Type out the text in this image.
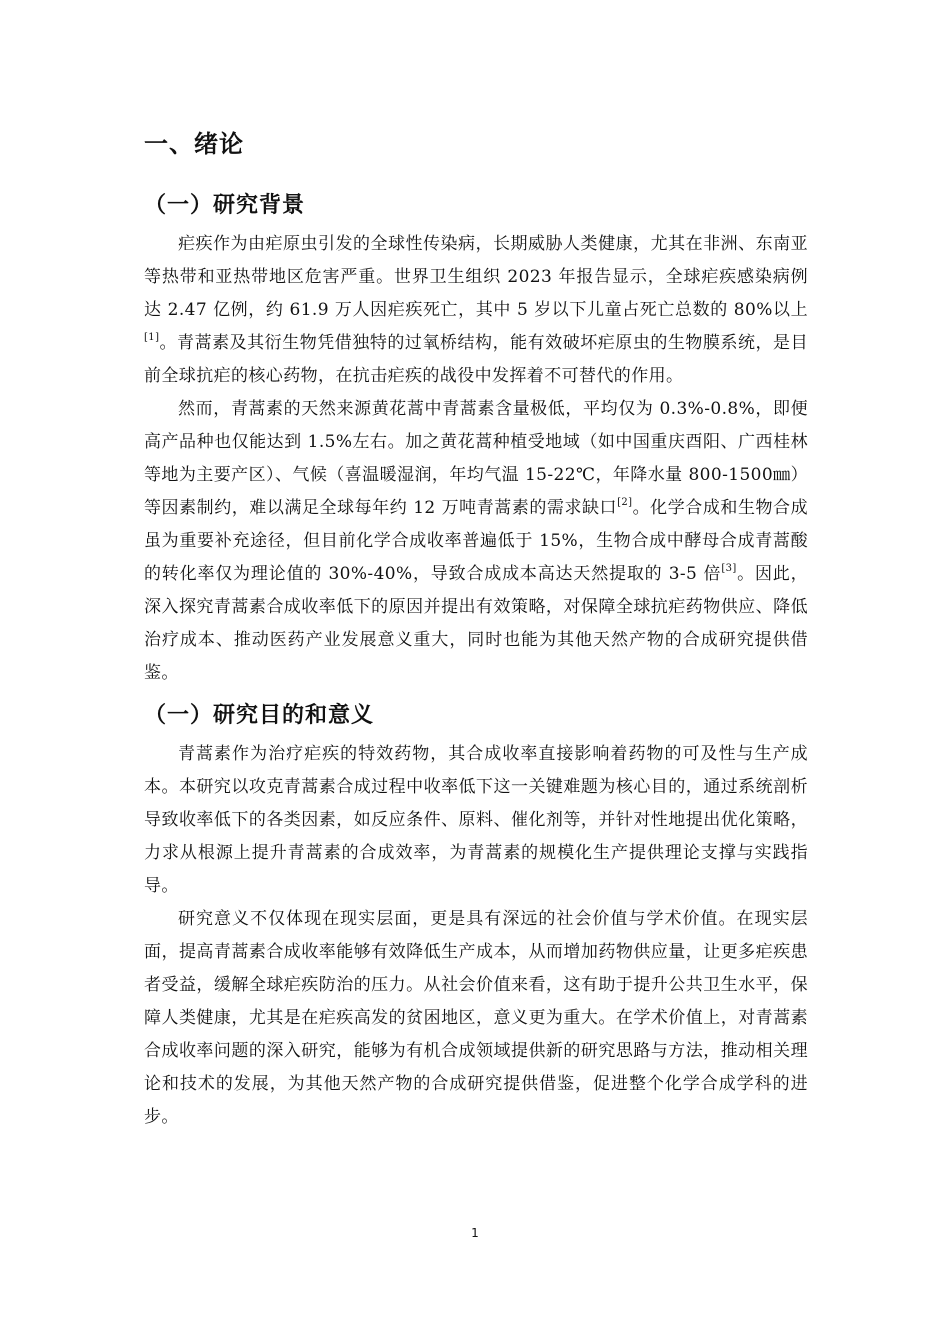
一、绪论
（一）研究背景

疟疾作为由疟原虫引发的全球性传染病，长期威胁人类健康，尤其在非洲、东南亚等热带和亚热带地区危害严重。世界卫生组织 2023 年报告显示，全球疟疾感染病例达 2.47 亿例，约 61.9 万人因疟疾死亡，其中 5 岁以下儿童占死亡总数的 80%以上[1]。青蒿素及其衍生物凭借独特的过氧桥结构，能有效破坏疟原虫的生物膜系统，是目前全球抗疟的核心药物，在抗击疟疾的战役中发挥着不可替代的作用。

然而，青蒿素的天然来源黄花蒿中青蒿素含量极低，平均仅为 0.3%-0.8%，即便高产品种也仅能达到 1.5%左右。加之黄花蒿种植受地域（如中国重庆酉阳、广西桂林等地为主要产区）、气候（喜温暖湿润，年均气温 15-22℃，年降水量 800-1500㎜）等因素制约，难以满足全球每年约 12 万吨青蒿素的需求缺口[2]。化学合成和生物合成虽为重要补充途径，但目前化学合成收率普遍低于 15%，生物合成中酵母合成青蒿酸的转化率仅为理论值的 30%-40%，导致合成成本高达天然提取的 3-5 倍[3]。因此，深入探究青蒿素合成收率低下的原因并提出有效策略，对保障全球抗疟药物供应、降低治疗成本、推动医药产业发展意义重大，同时也能为其他天然产物的合成研究提供借鉴。

（一）研究目的和意义

青蒿素作为治疗疟疾的特效药物，其合成收率直接影响着药物的可及性与生产成本。本研究以攻克青蒿素合成过程中收率低下这一关键难题为核心目的，通过系统剖析导致收率低下的各类因素，如反应条件、原料、催化剂等，并针对性地提出优化策略，力求从根源上提升青蒿素的合成效率，为青蒿素的规模化生产提供理论支撑与实践指导。

研究意义不仅体现在现实层面，更是具有深远的社会价值与学术价值。在现实层面，提高青蒿素合成收率能够有效降低生产成本，从而增加药物供应量，让更多疟疾患者受益，缓解全球疟疾防治的压力。从社会价值来看，这有助于提升公共卫生水平，保障人类健康，尤其是在疟疾高发的贫困地区，意义更为重大。在学术价值上，对青蒿素合成收率问题的深入研究，能够为有机合成领域提供新的研究思路与方法，推动相关理论和技术的发展，为其他天然产物的合成研究提供借鉴，促进整个化学合成学科的进步。

1
